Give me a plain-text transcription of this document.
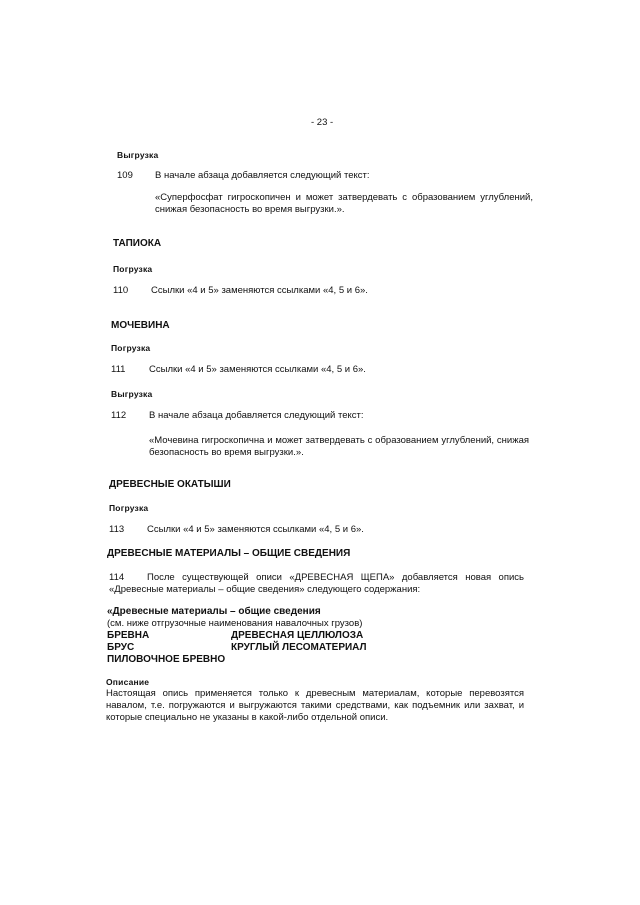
- 23 -
Выгрузка
109 В начале абзаца добавляется следующий текст:
«Суперфосфат гигроскопичен и может затвердевать с образованием углублений, снижая безопасность во время выгрузки.».
ТАПИОКА
Погрузка
110 Ссылки «4 и 5» заменяются ссылками «4, 5 и 6».
МОЧЕВИНА
Погрузка
111 Ссылки «4 и 5» заменяются ссылками «4, 5 и 6».
Выгрузка
112 В начале абзаца добавляется следующий текст:
«Мочевина гигроскопична и может затвердевать с образованием углублений, снижая безопасность во время выгрузки.».
ДРЕВЕСНЫЕ ОКАТЫШИ
Погрузка
113 Ссылки «4 и 5» заменяются ссылками «4, 5 и 6».
ДРЕВЕСНЫЕ МАТЕРИАЛЫ – ОБЩИЕ СВЕДЕНИЯ
114	После существующей описи «ДРЕВЕСНАЯ ЩЕПА» добавляется новая опись «Древесные материалы – общие сведения» следующего содержания:
«Древесные материалы – общие сведения
(см. ниже отгрузочные наименования навалочных грузов)
БРЕВНА
БРУС
ПИЛОВОЧНОЕ БРЕВНО
ДРЕВЕСНАЯ ЦЕЛЛЮЛОЗА
КРУГЛЫЙ ЛЕСОМАТЕРИАЛ
Описание
Настоящая опись применяется только к древесным материалам, которые перевозятся навалом, т.е. погружаются и выгружаются такими средствами, как подъемник или захват, и которые специально не указаны в какой-либо отдельной описи.
